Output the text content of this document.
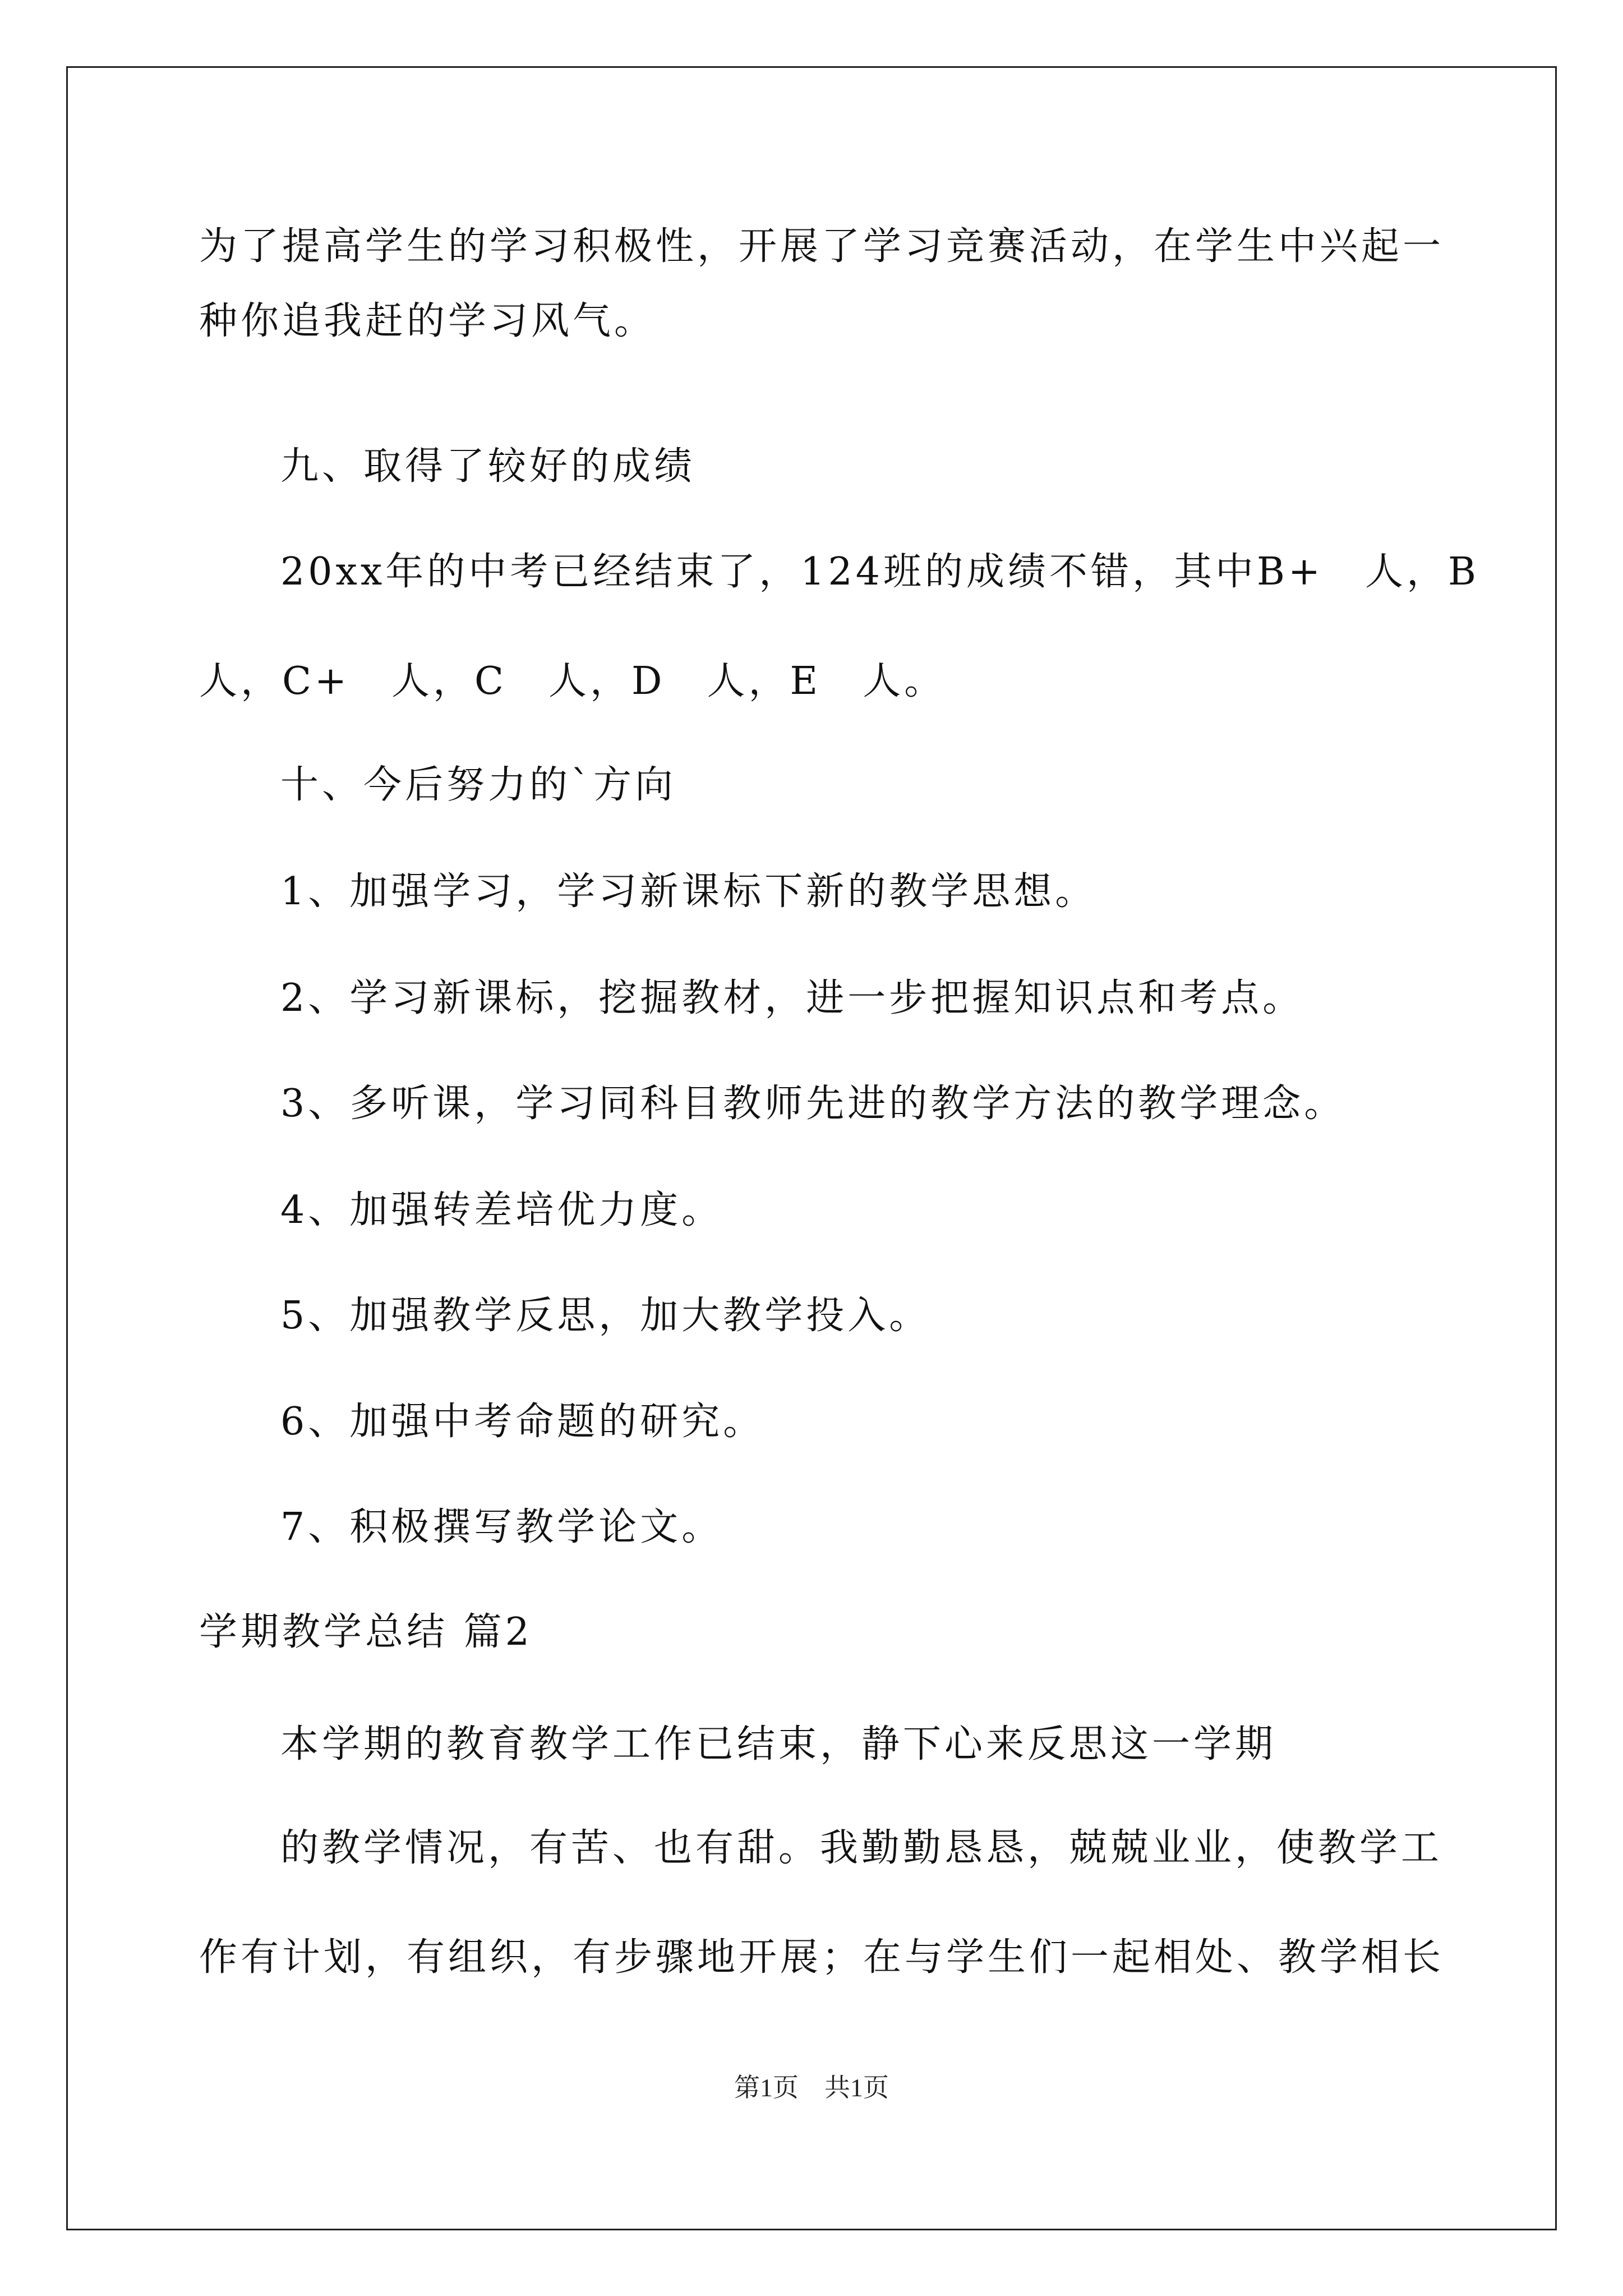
为了提高学生的学习积极性，开展了学习竞赛活动，在学生中兴起一
种你追我赶的学习风气。
九、取得了较好的成绩
20xx年的中考已经结束了，124班的成绩不错，其中B+　人，B
人，C+　人，C　人，D　人，E　人。
十、今后努力的`方向
1、加强学习，学习新课标下新的教学思想。
2、学习新课标，挖掘教材，进一步把握知识点和考点。
3、多听课，学习同科目教师先进的教学方法的教学理念。
4、加强转差培优力度。
5、加强教学反思，加大教学投入。
6、加强中考命题的研究。
7、积极撰写教学论文。
学期教学总结 篇2
本学期的教育教学工作已结束，静下心来反思这一学期
的教学情况，有苦、也有甜。我勤勤恳恳，兢兢业业，使教学工
作有计划，有组织，有步骤地开展；在与学生们一起相处、教学相长
第1页　共1页
